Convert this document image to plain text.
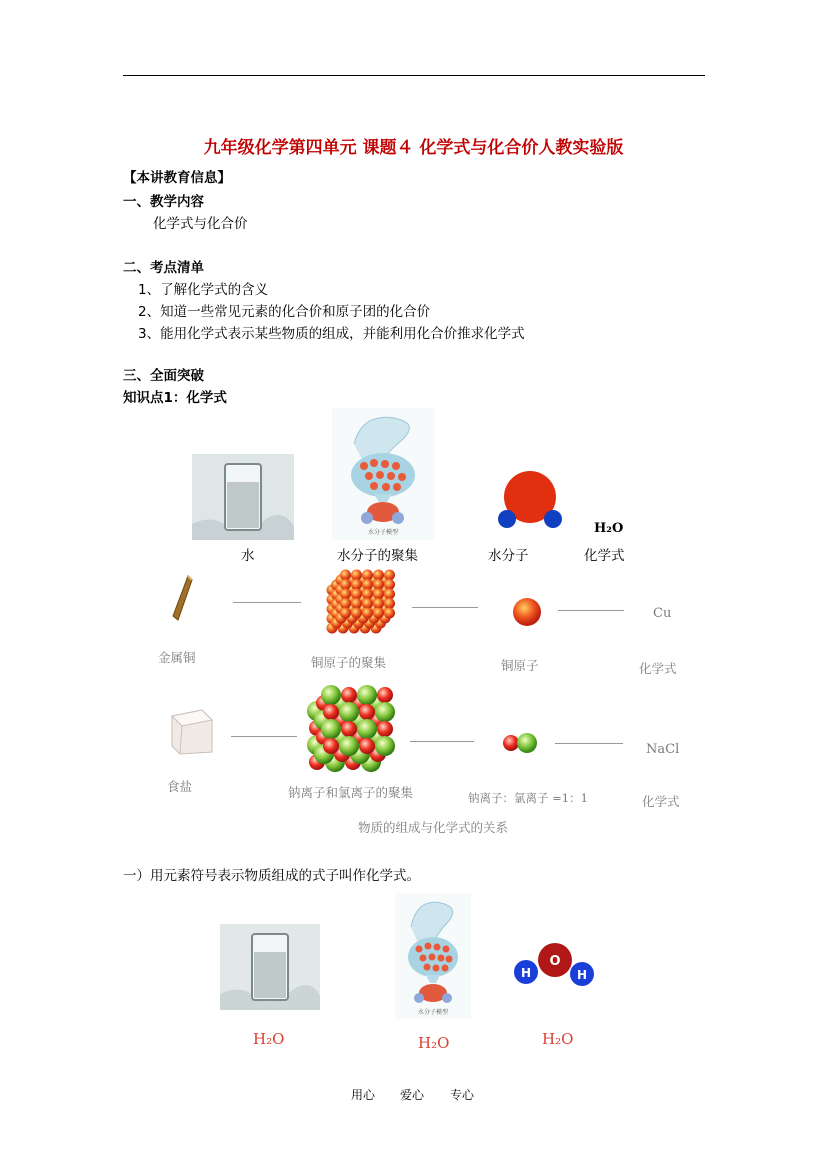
九年级化学第四单元 课题４ 化学式与化合价人教实验版
【本讲教育信息】
一、教学内容
化学式与化合价
二、考点清单
1、了解化学式的含义
2、知道一些常见元素的化合价和原子团的化合价
3、能用化学式表示某些物质的组成，并能利用化合价推求化学式
三、全面突破
知识点1：化学式
水分子模型	H₂O
水	水分子的聚集	水分子	化学式
Cu
金属铜	铜原子的聚集	铜原子	化学式
NaCl
食盐	钠离子和氯离子的聚集	钠离子：氯离子 =1：1	化学式
物质的组成与化学式的关系
一）用元素符号表示物质组成的式子叫作化学式。
水分子模型
H
O
H
H₂O	H₂O	H₂O
用心 爱心 专心
